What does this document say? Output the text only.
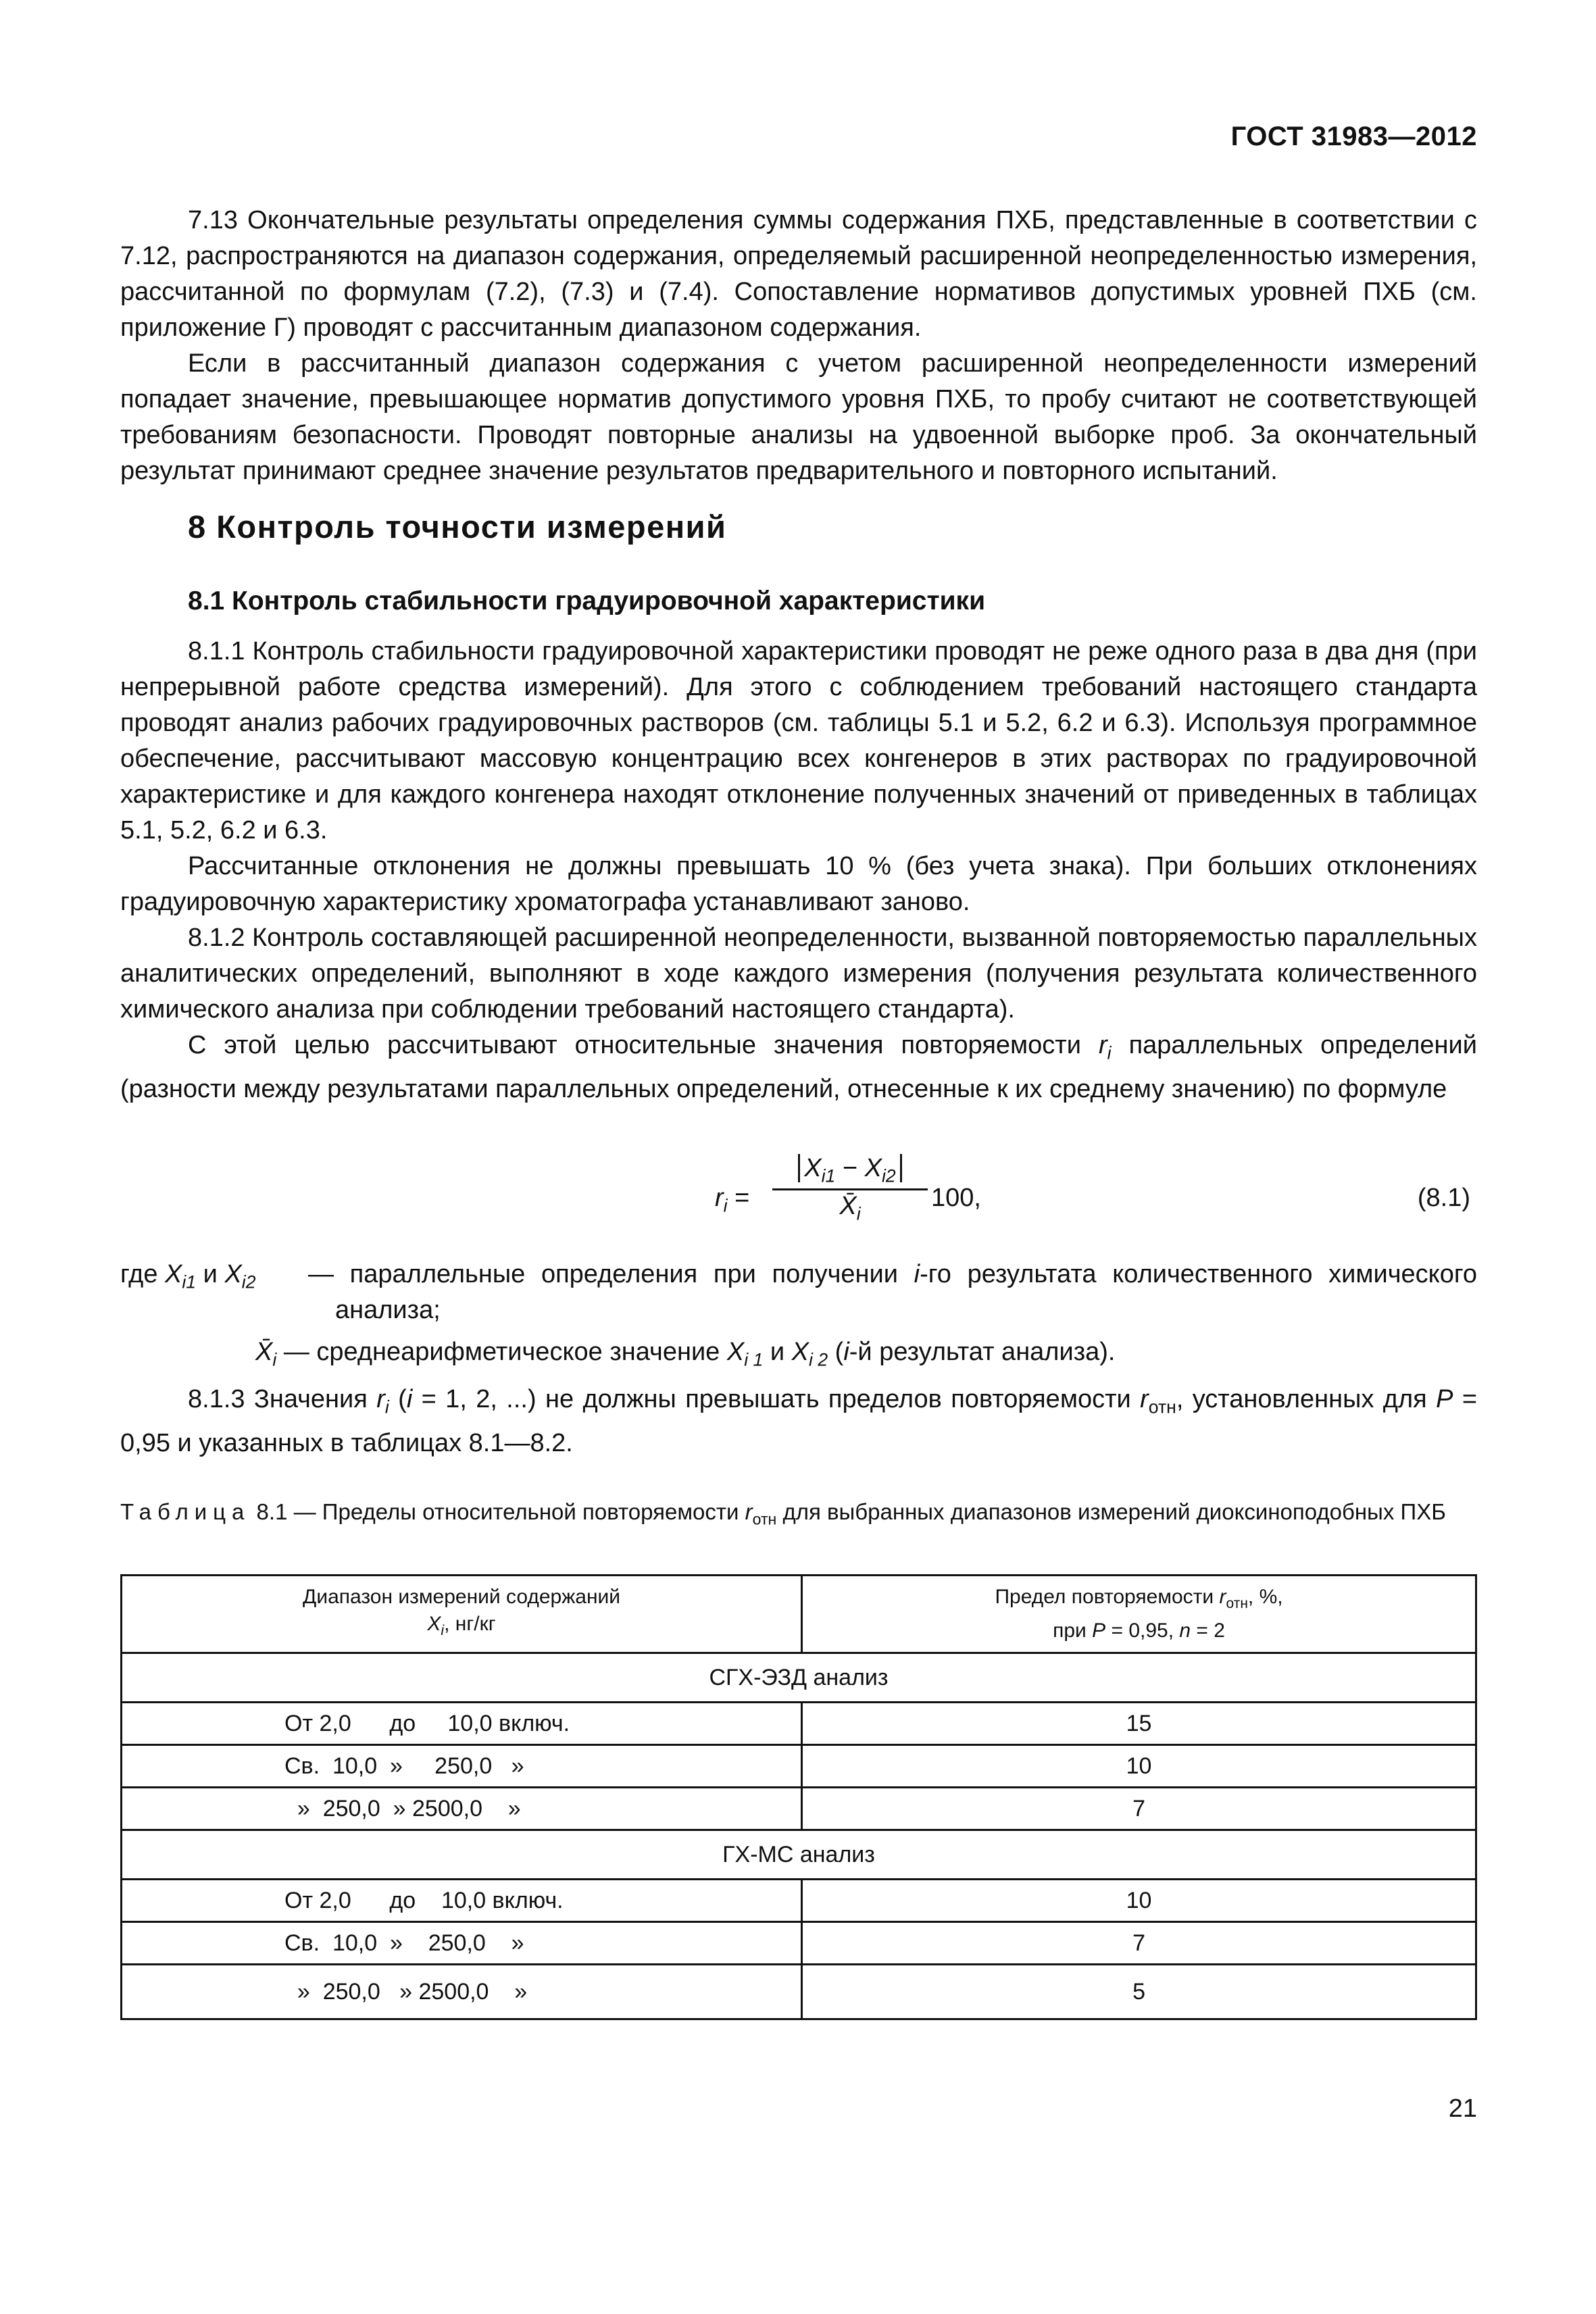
ГОСТ 31983—2012

7.13 Окончательные результаты определения суммы содержания ПХБ, представленные в соответствии с 7.12, распространяются на диапазон содержания, определяемый расширенной неопределенностью измерения, рассчитанной по формулам (7.2), (7.3) и (7.4). Сопоставление нормативов допустимых уровней ПХБ (см. приложение Г) проводят с рассчитанным диапазоном содержания.

Если в рассчитанный диапазон содержания с учетом расширенной неопределенности измерений попадает значение, превышающее норматив допустимого уровня ПХБ, то пробу считают не соответствующей требованиям безопасности. Проводят повторные анализы на удвоенной выборке проб. За окончательный результат принимают среднее значение результатов предварительного и повторного испытаний.

8 Контроль точности измерений
8.1 Контроль стабильности градуировочной характеристики

8.1.1 Контроль стабильности градуировочной характеристики проводят не реже одного раза в два дня (при непрерывной работе средства измерений). Для этого с соблюдением требований настоящего стандарта проводят анализ рабочих градуировочных растворов (см. таблицы 5.1 и 5.2, 6.2 и 6.3). Используя программное обеспечение, рассчитывают массовую концентрацию всех конгенеров в этих растворах по градуировочной характеристике и для каждого конгенера находят отклонение полученных значений от приведенных в таблицах 5.1, 5.2, 6.2 и 6.3.

Рассчитанные отклонения не должны превышать 10 % (без учета знака). При больших отклонениях градуировочную характеристику хроматографа устанавливают заново.

8.1.2 Контроль составляющей расширенной неопределенности, вызванной повторяемостью параллельных аналитических определений, выполняют в ходе каждого измерения (получения результата количественного химического анализа при соблюдении требований настоящего стандарта).

С этой целью рассчитывают относительные значения повторяемости $r_i$ параллельных определений (разности между результатами параллельных определений, отнесенные к их среднему значению) по формуле

$r_i$ =
$X_{i1} - X_{i2}$
$X̄_i$
100,	(8.1)
где $X_{i1}$ и $X_{i2}$ — параллельные определения при получении i-го результата количественного химического анализа;
$X̄_i$ — среднеарифметическое значение $X_{i 1}$ и $X_{i 2}$ (i-й результат анализа).

8.1.3 Значения $r_i$ (i = 1, 2, ...) не должны превышать пределов повторяемости $r_{отн}$, установленных для P = 0,95 и указанных в таблицах 8.1—8.2.

Таблица 8.1 — Пределы относительной повторяемости $r_{отн}$ для выбранных диапазонов измерений диоксиноподобных ПХБ
Диапазон измерений содержаний
$X_i$, нг/кг	Предел повторяемости $r_{отн}$, %,
при P = 0,95, n = 2
СГХ-ЭЗД анализ	
От 2,0      до     10,0 включ.	15
Св.  10,0  »     250,0   »	10
»  250,0  » 2500,0    »	7
ГХ-МС анализ	
От 2,0      до    10,0 включ.	10
Св.  10,0  »    250,0    »	7
»  250,0   » 2500,0    »	5
21
